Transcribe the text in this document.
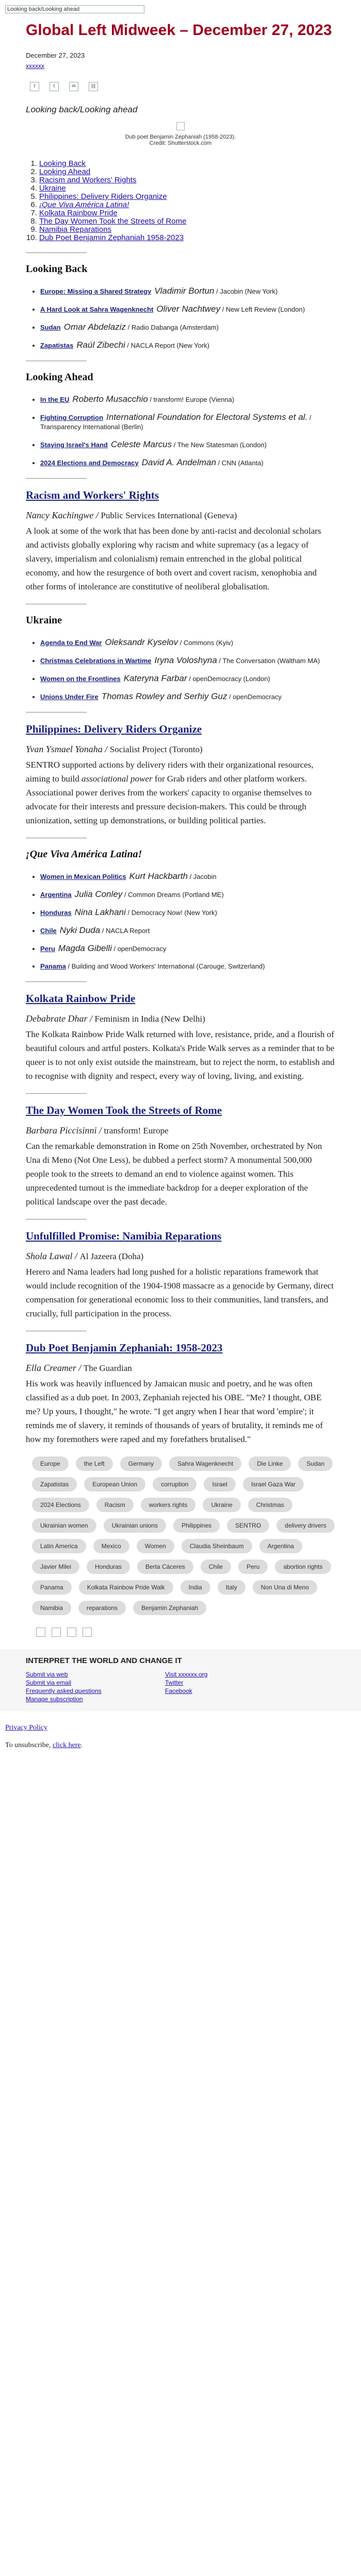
Looking back/Looking ahead
Global Left Midweek – December 27, 2023
December 27, 2023
xxxxxx
f	t	✉	⛓
Looking back/Looking ahead
Dub poet Benjamin Zephaniah (1958-2023). Credit: Shutterstock.com
1. Looking Back
2. Looking Ahead
3. Racism and Workers' Rights
4. Ukraine
5. Philippines: Delivery Riders Organize
6. ¡Que Viva América Latina!
7. Kolkata Rainbow Pride
8. The Day Women Took the Streets of Rome
9. Namibia Reparations
10. Dub Poet Benjamin Zephaniah 1958-2023
Looking Back
• Europe: Missing a Shared Strategy Vladimir Bortun / Jacobin (New York)
• A Hard Look at Sahra Wagenknecht Oliver Nachtwey / New Left Review (London)
• Sudan Omar Abdelaziz / Radio Dabanga (Amsterdam)
• Zapatistas Raúl Zibechi / NACLA Report (New York)
Looking Ahead
• In the EU Roberto Musacchio / transform! Europe (Vienna)
• Fighting Corruption International Foundation for Electoral Systems et al. / Transparency International (Berlin)
• Staying Israel's Hand Celeste Marcus / The New Statesman (London)
• 2024 Elections and Democracy David A. Andelman / CNN (Atlanta)
Racism and Workers' Rights
Nancy Kachingwe / Public Services International (Geneva)

A look at some of the work that has been done by anti-racist and decolonial scholars and activists globally exploring why racism and white supremacy (as a legacy of slavery, imperialism and colonialism) remain entrenched in the global political economy, and how the resurgence of both overt and covert racism, xenophobia and other forms of intolerance are constitutive of neoliberal globalisation.

Ukraine
• Agenda to End War Oleksandr Kyselov / Commons (Kyiv)
• Christmas Celebrations in Wartime Iryna Voloshyna / The Conversation (Waltham MA)
• Women on the Frontlines Kateryna Farbar / openDemocracy (London)
• Unions Under Fire Thomas Rowley and Serhiy Guz / openDemocracy
Philippines: Delivery Riders Organize
Yvan Ysmael Yonaha / Socialist Project (Toronto)

SENTRO supported actions by delivery riders with their organizational resources, aiming to build associational power for Grab riders and other platform workers. Associational power derives from the workers' capacity to organise themselves to advocate for their interests and pressure decision-makers. This could be through unionization, setting up demonstrations, or building political parties.

¡Que Viva América Latina!
• Women in Mexican Politics Kurt Hackbarth / Jacobin
• Argentina Julia Conley / Common Dreams (Portland ME)
• Honduras Nina Lakhani / Democracy Now! (New York)
• Chile Nyki Duda / NACLA Report
• Peru Magda Gibelli / openDemocracy
• Panama / Building and Wood Workers' International (Carouge, Switzerland)
Kolkata Rainbow Pride
Debabrate Dhar / Feminism in India (New Delhi)

The Kolkata Rainbow Pride Walk returned with love, resistance, pride, and a flourish of beautiful colours and artful posters. Kolkata's Pride Walk serves as a reminder that to be queer is to not only exist outside the mainstream, but to reject the norm, to establish and to recognise with dignity and respect, every way of loving, living, and existing.

The Day Women Took the Streets of Rome
Barbara Piccisinni / transform! Europe

Can the remarkable demonstration in Rome on 25th November, orchestrated by Non Una di Meno (Not One Less), be dubbed a perfect storm? A monumental 500,000 people took to the streets to demand an end to violence against women. This unprecedented turnout is the immediate backdrop for a deeper exploration of the political landscape over the past decade.

Unfulfilled Promise: Namibia Reparations
Shola Lawal / Al Jazeera (Doha)

Herero and Nama leaders had long pushed for a holistic reparations framework that would include recognition of the 1904-1908 massacre as a genocide by Germany, direct compensation for generational economic loss to their communities, land transfers, and crucially, full participation in the process.

Dub Poet Benjamin Zephaniah: 1958-2023
Ella Creamer / The Guardian

His work was heavily influenced by Jamaican music and poetry, and he was often classified as a dub poet. In 2003, Zephaniah rejected his OBE. "Me? I thought, OBE me? Up yours, I thought," he wrote. "I get angry when I hear that word 'empire'; it reminds me of slavery, it reminds of thousands of years of brutality, it reminds me of how my foremothers were raped and my forefathers brutalised."

Europe	the Left	Germany	Sahra Wagenknecht	Die Linke	Sudan
Zapatistas	European Union	corruption	Israel	Israel Gaza War
2024 Elections	Racism	workers rights	Ukraine	Christmas
Ukrainian women	Ukrainian unions	Philippines	SENTRO	delivery drivers
Latin America	Mexico	Women	Claudia Sheinbaum	Argentina
Javier Milei	Honduras	Berta Cáceres	Chile	Peru	abortion rights
Panama	Kolkata Rainbow Pride Walk	India	Italy	Non Una di Meno
Namibia	reparations	Benjamin Zephaniah
INTERPRET THE WORLD AND CHANGE IT
Submit via web
Submit via email
Frequently asked questions
Manage subscription
Visit xxxxxx.org
Twitter
Facebook

Privacy Policy

To unsubscribe, click here.
